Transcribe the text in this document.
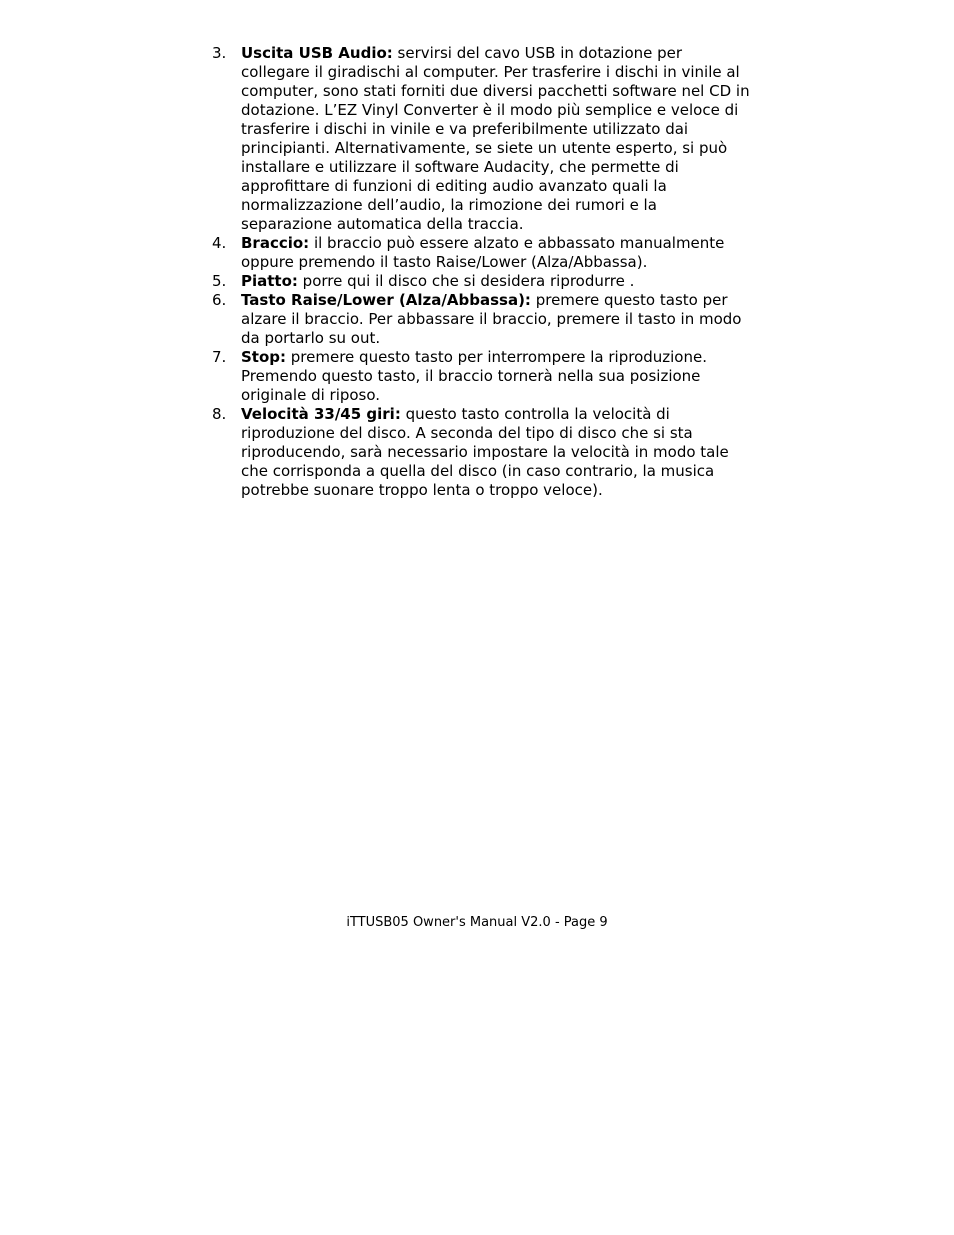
3. Uscita USB Audio: servirsi del cavo USB in dotazione per collegare il giradischi al computer. Per trasferire i dischi in vinile al computer, sono stati forniti due diversi pacchetti software nel CD in dotazione. L’EZ Vinyl Converter è il modo più semplice e veloce di trasferire i dischi in vinile e va preferibilmente utilizzato dai principianti. Alternativamente, se siete un utente esperto, si può installare e utilizzare il software Audacity, che permette di approfittare di funzioni di editing audio avanzato quali la normalizzazione dell’audio, la rimozione dei rumori e la separazione automatica della traccia.
4. Braccio: il braccio può essere alzato e abbassato manualmente oppure premendo il tasto Raise/Lower (Alza/Abbassa).
5. Piatto: porre qui il disco che si desidera riprodurre .
6. Tasto Raise/Lower (Alza/Abbassa): premere questo tasto per alzare il braccio. Per abbassare il braccio, premere il tasto in modo da portarlo su out.
7. Stop: premere questo tasto per interrompere la riproduzione. Premendo questo tasto, il braccio tornerà nella sua posizione originale di riposo.
8. Velocità 33/45 giri: questo tasto controlla la velocità di riproduzione del disco. A seconda del tipo di disco che si sta riproducendo, sarà necessario impostare la velocità in modo tale che corrisponda a quella del disco (in caso contrario, la musica potrebbe suonare troppo lenta o troppo veloce).
iTTUSB05 Owner's Manual V2.0 - Page 9
